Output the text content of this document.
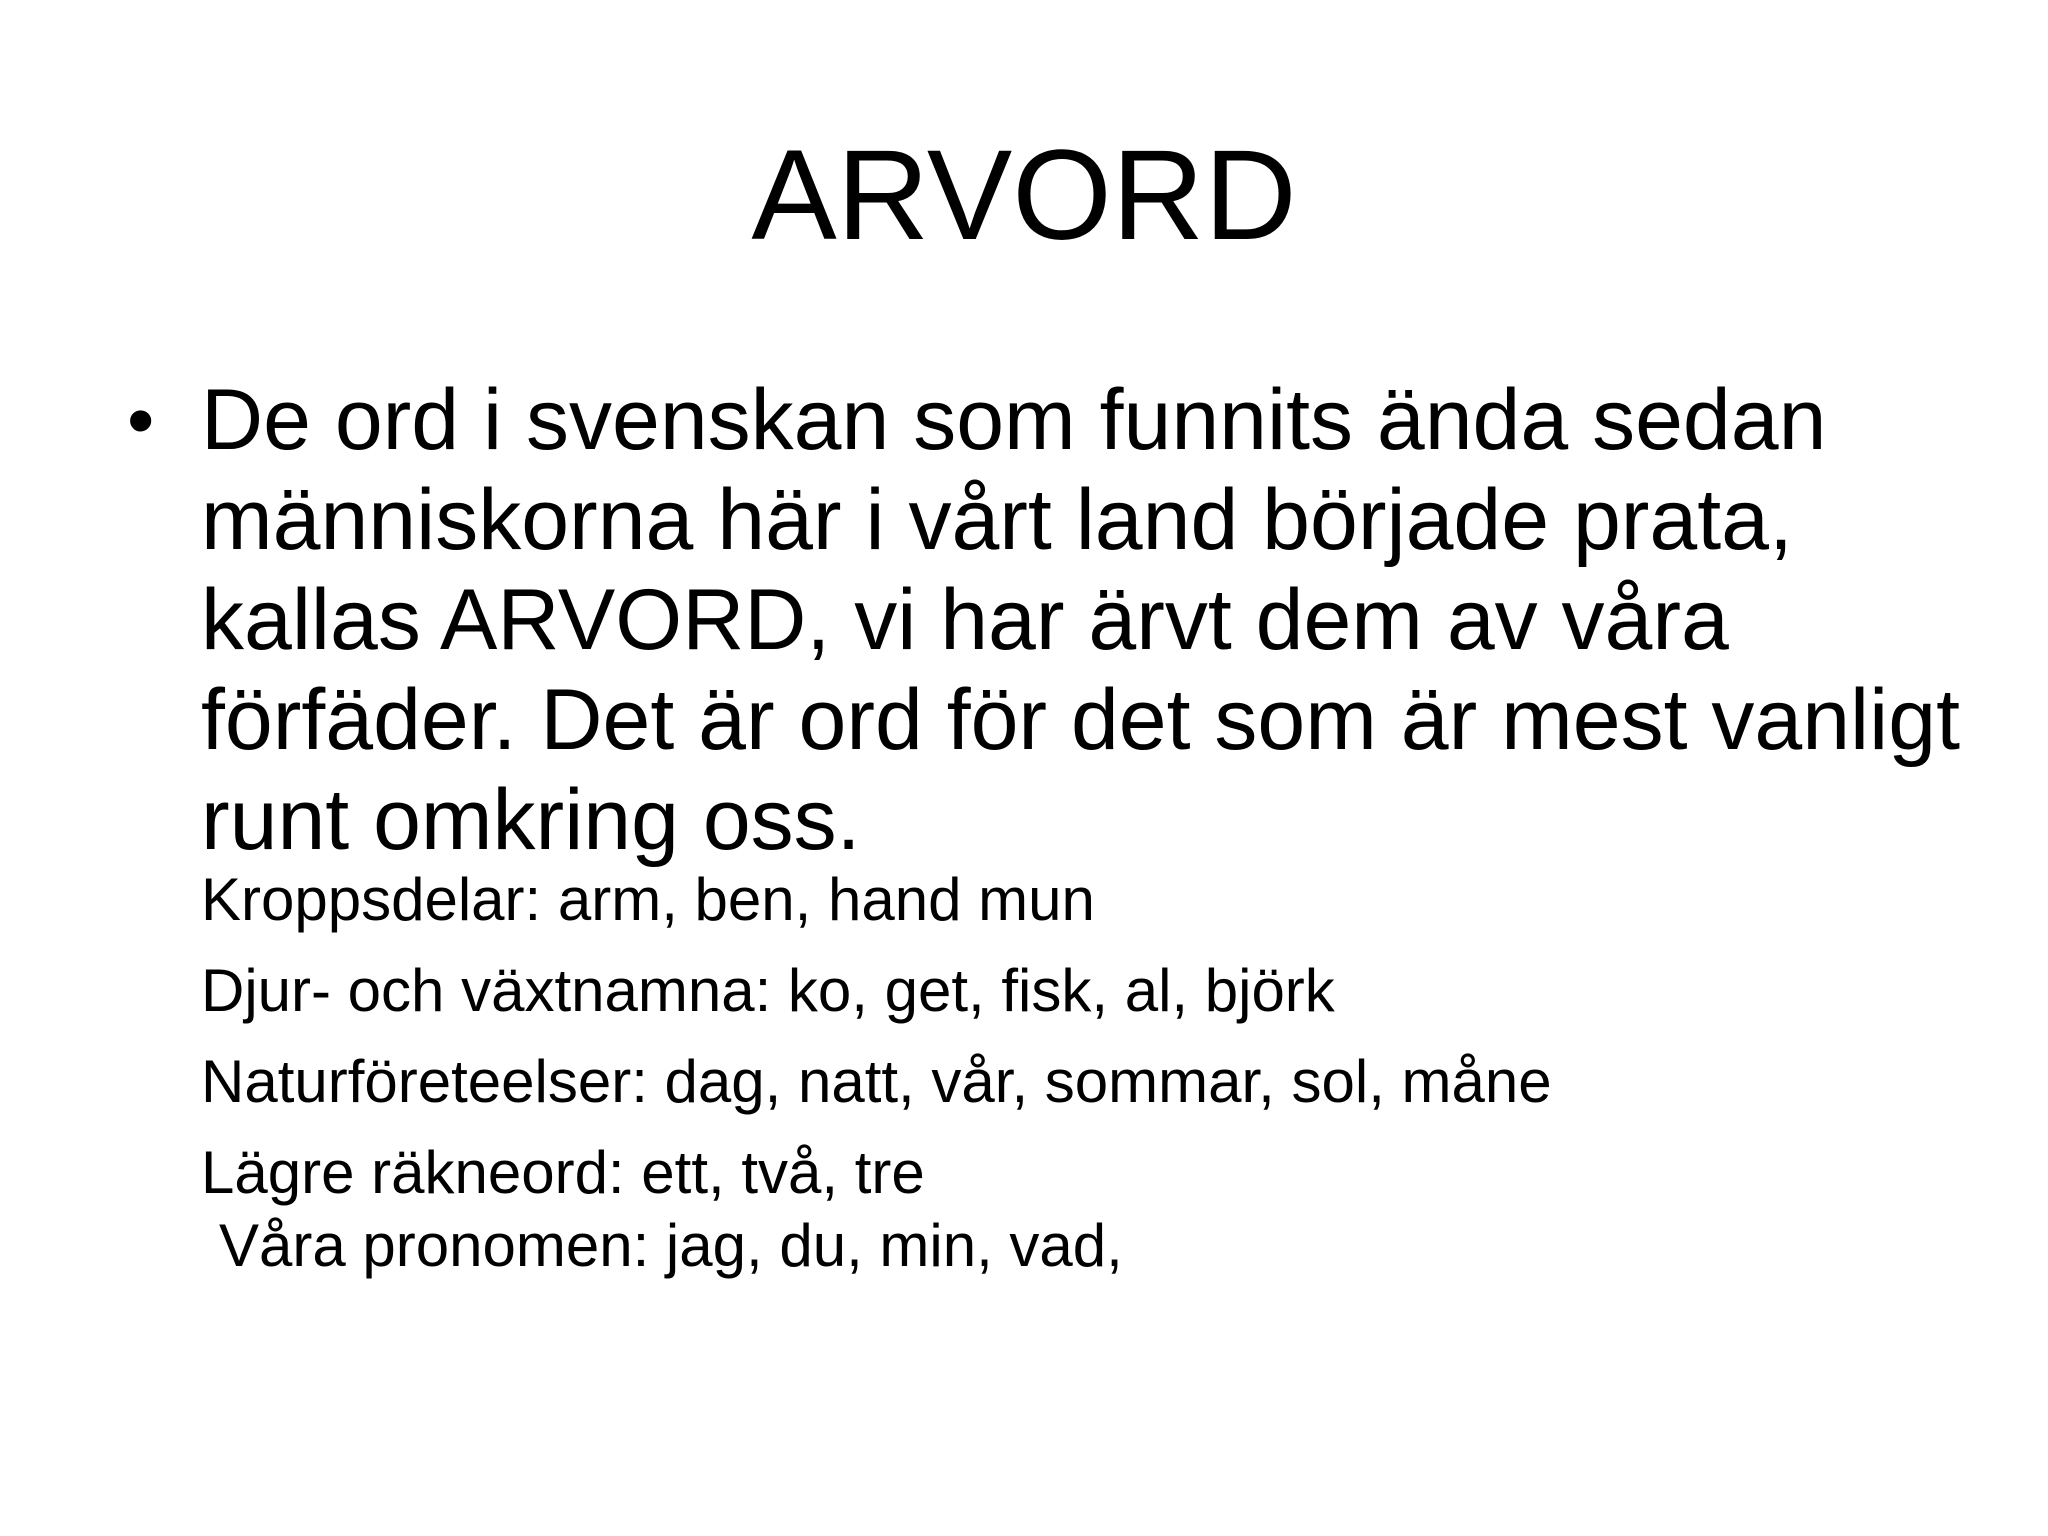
ARVORD
• De ord i svenskan som funnits ända sedan människorna här i vårt land började prata, kallas ARVORD, vi har ärvt dem av våra förfäder. Det är ord för det som är mest vanligt runt omkring oss.

Kroppsdelar: arm, ben, hand mun

Djur- och växtnamna: ko, get, fisk, al, björk

Naturföreteelser: dag, natt, vår, sommar, sol, måne

Lägre räkneord: ett, två, tre

Våra pronomen: jag, du, min, vad,
